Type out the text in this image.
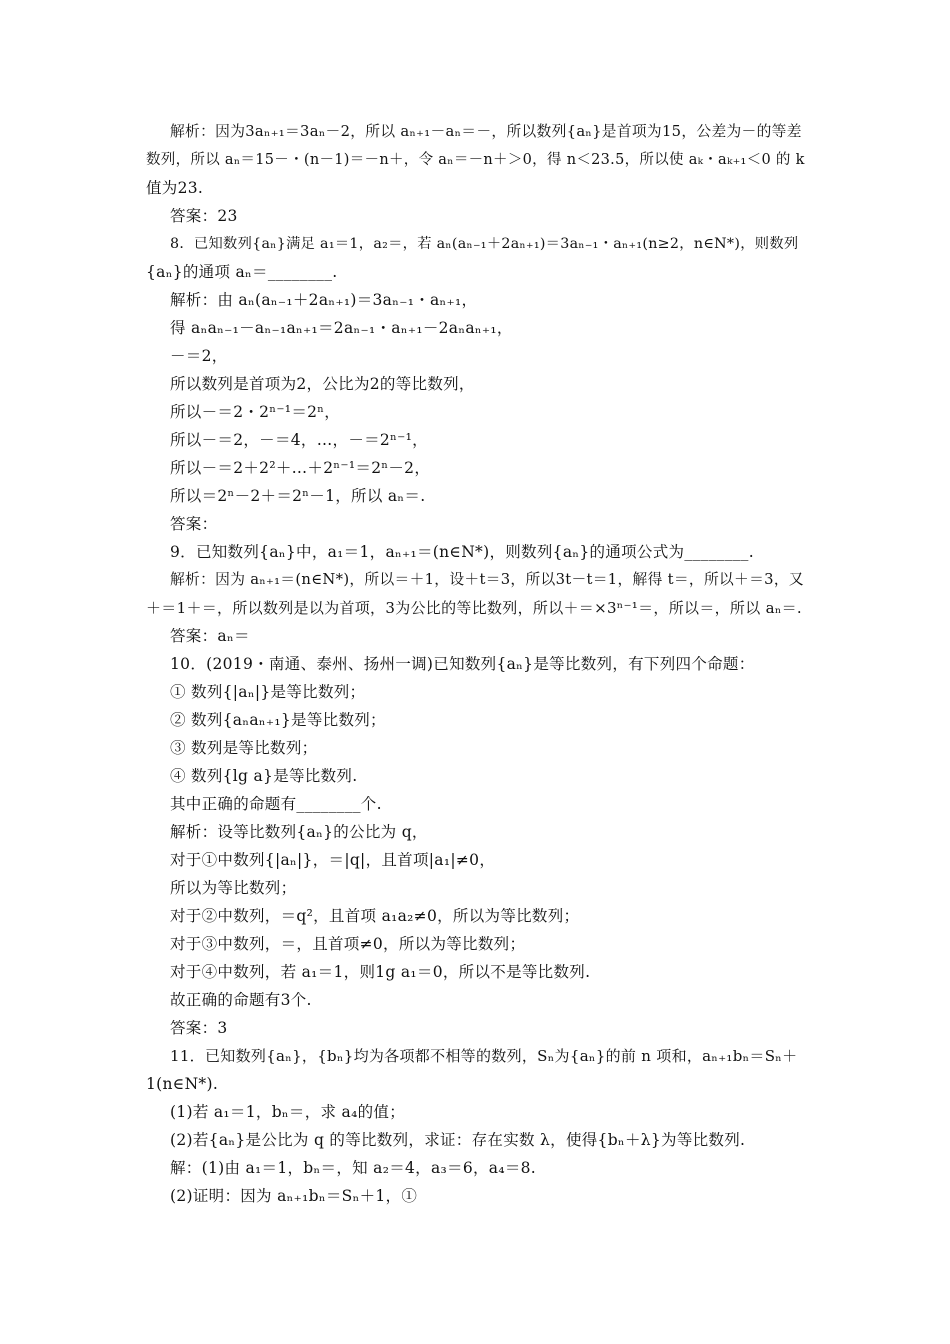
解析：因为3aₙ₊₁＝3aₙ－2，所以 aₙ₊₁－aₙ＝－，所以数列{aₙ}是首项为15，公差为－的等差
数列，所以 aₙ＝15－・(n－1)＝－n＋，令 aₙ＝－n＋＞0，得 n＜23.5，所以使 aₖ・aₖ₊₁＜0 的 k
值为23.
答案：23
8．已知数列{aₙ}满足 a₁＝1，a₂＝，若 aₙ(aₙ₋₁＋2aₙ₊₁)＝3aₙ₋₁・aₙ₊₁(n≥2，n∈N*)，则数列
{aₙ}的通项 aₙ＝________.
解析：由 aₙ(aₙ₋₁＋2aₙ₊₁)＝3aₙ₋₁・aₙ₊₁，
得 aₙaₙ₋₁－aₙ₋₁aₙ₊₁＝2aₙ₋₁・aₙ₊₁－2aₙaₙ₊₁，
－＝2，
所以数列是首项为2，公比为2的等比数列，
所以－＝2・2ⁿ⁻¹＝2ⁿ，
所以－＝2，－＝4，…，－＝2ⁿ⁻¹，
所以－＝2＋2²＋…＋2ⁿ⁻¹＝2ⁿ－2，
所以＝2ⁿ－2＋＝2ⁿ－1，所以 aₙ＝.
答案：
9．已知数列{aₙ}中，a₁＝1，aₙ₊₁＝(n∈N*)，则数列{aₙ}的通项公式为________.
解析：因为 aₙ₊₁＝(n∈N*)，所以＝＋1，设＋t＝3，所以3t－t＝1，解得 t＝，所以＋＝3，又
＋＝1＋＝，所以数列是以为首项，3为公比的等比数列，所以＋＝×3ⁿ⁻¹＝，所以＝，所以 aₙ＝.
答案：aₙ＝
10．(2019・南通、泰州、扬州一调)已知数列{aₙ}是等比数列，有下列四个命题：
① 数列{|aₙ|}是等比数列；
② 数列{aₙaₙ₊₁}是等比数列；
③ 数列是等比数列；
④ 数列{lg a}是等比数列.
其中正确的命题有________个.
解析：设等比数列{aₙ}的公比为 q，
对于①中数列{|aₙ|}，＝|q|，且首项|a₁|≠0，
所以为等比数列；
对于②中数列，＝q²，且首项 a₁a₂≠0，所以为等比数列；
对于③中数列，＝，且首项≠0，所以为等比数列；
对于④中数列，若 a₁＝1，则1g a₁＝0，所以不是等比数列.
故正确的命题有3个.
答案：3
11．已知数列{aₙ}，{bₙ}均为各项都不相等的数列，Sₙ为{aₙ}的前 n 项和，aₙ₊₁bₙ＝Sₙ＋
1(n∈N*).
(1)若 a₁＝1，bₙ＝，求 a₄的值；
(2)若{aₙ}是公比为 q 的等比数列，求证：存在实数 λ，使得{bₙ＋λ}为等比数列.
解：(1)由 a₁＝1，bₙ＝，知 a₂＝4，a₃＝6，a₄＝8.
(2)证明：因为 aₙ₊₁bₙ＝Sₙ＋1，①
